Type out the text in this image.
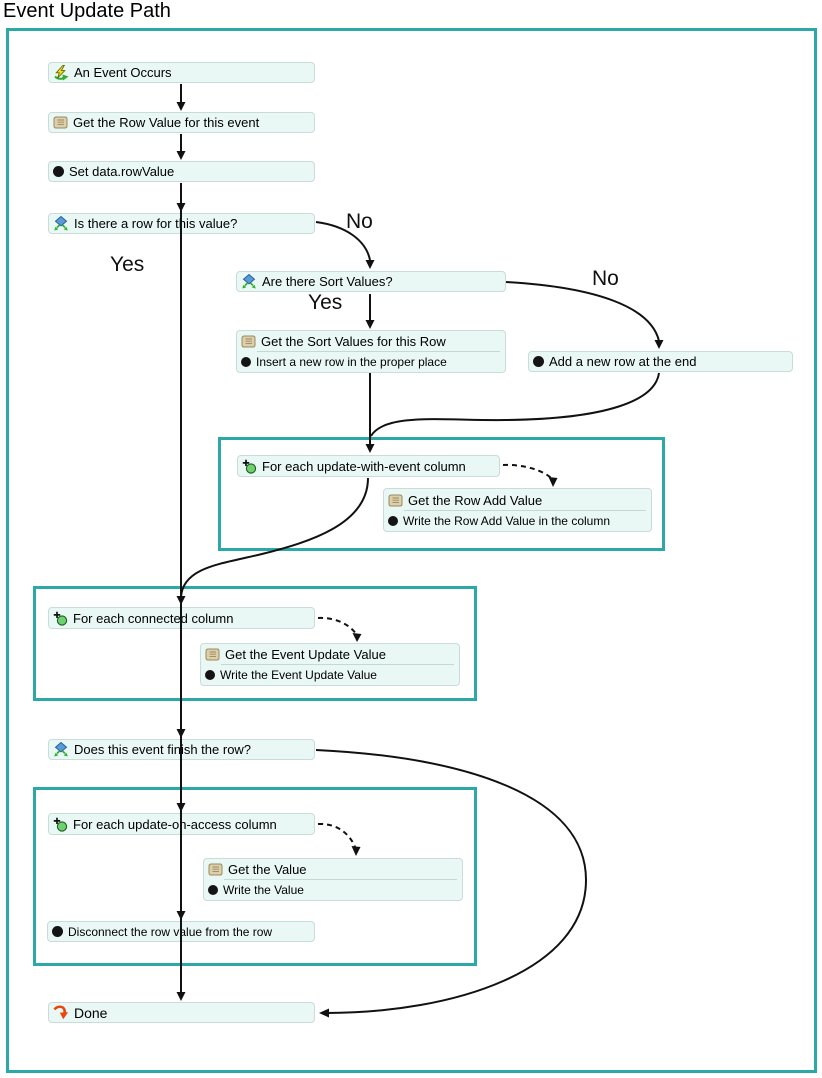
Event Update Path
An Event Occurs
Get the Row Value for this event
Set data.rowValue
Is there a row for this value?
Are there Sort Values?
Get the Sort Values for this Row
Insert a new row in the proper place	Add a new row at the end
For each update-with-event column
Get the Row Add Value
Write the Row Add Value in the column
For each connected column
Get the Event Update Value
Write the Event Update Value
Does this event finish the row?
For each update-on-access column
Get the Value
Write the Value
Disconnect the row value from the row
Done
Yes
No
Yes
No
